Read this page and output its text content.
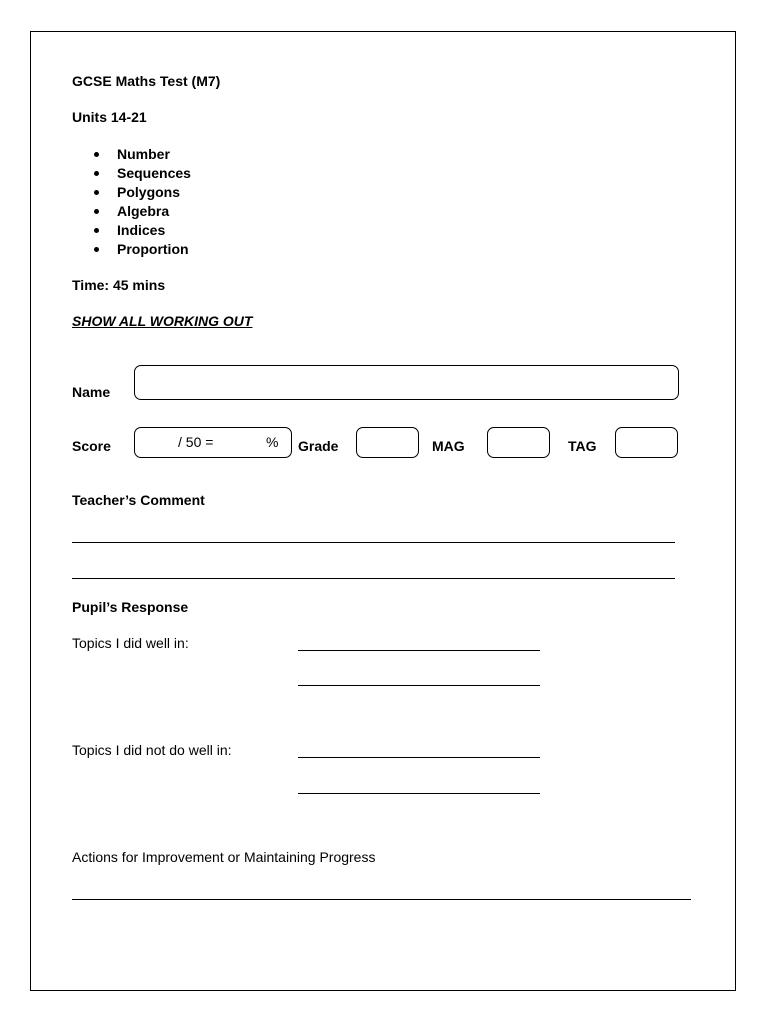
GCSE Maths Test (M7)
Units 14-21
Number
Sequences
Polygons
Algebra
Indices
Proportion
Time: 45 mins
SHOW ALL WORKING OUT
Name
Score	/ 50 =	% Grade	MAG	TAG
Teacher’s Comment
Pupil’s Response
Topics I did well in:
Topics I did not do well in:
Actions for Improvement or Maintaining Progress
